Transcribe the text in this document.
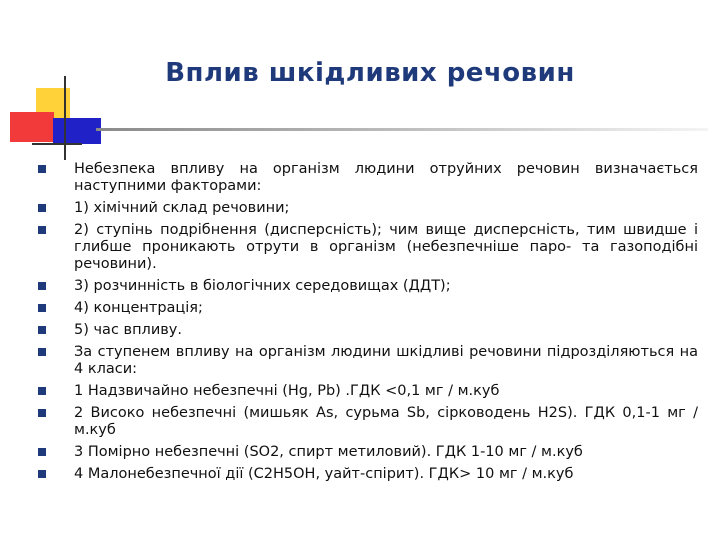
Вплив шкідливих речовин
Небезпека впливу на організм людини отруйних речовин визначається наступними факторами:
1) хімічний склад речовини;
2) ступінь подрібнення (дисперсність); чим вище дисперсність, тим швидше і глибше проникають отрути в організм (небезпечніше паро- та газоподібні речовини).
3) розчинність в біологічних середовищах (ДДТ);
4) концентрація;
5) час впливу.
За ступенем впливу на організм людини шкідливі речовини підрозділяються на 4 класи:
1 Надзвичайно небезпечні (Hg, Pb) .ГДК <0,1 мг / м.куб
2 Високо небезпечні (мишьяк As, сурьма Sb, сірководень H2S). ГДК 0,1-1 мг / м.куб
3 Помірно небезпечні (SO2, спирт метиловий). ГДК 1-10 мг / м.куб
4 Малонебезпечної дії (C2H5OH, уайт-спірит). ГДК> 10 мг / м.куб
